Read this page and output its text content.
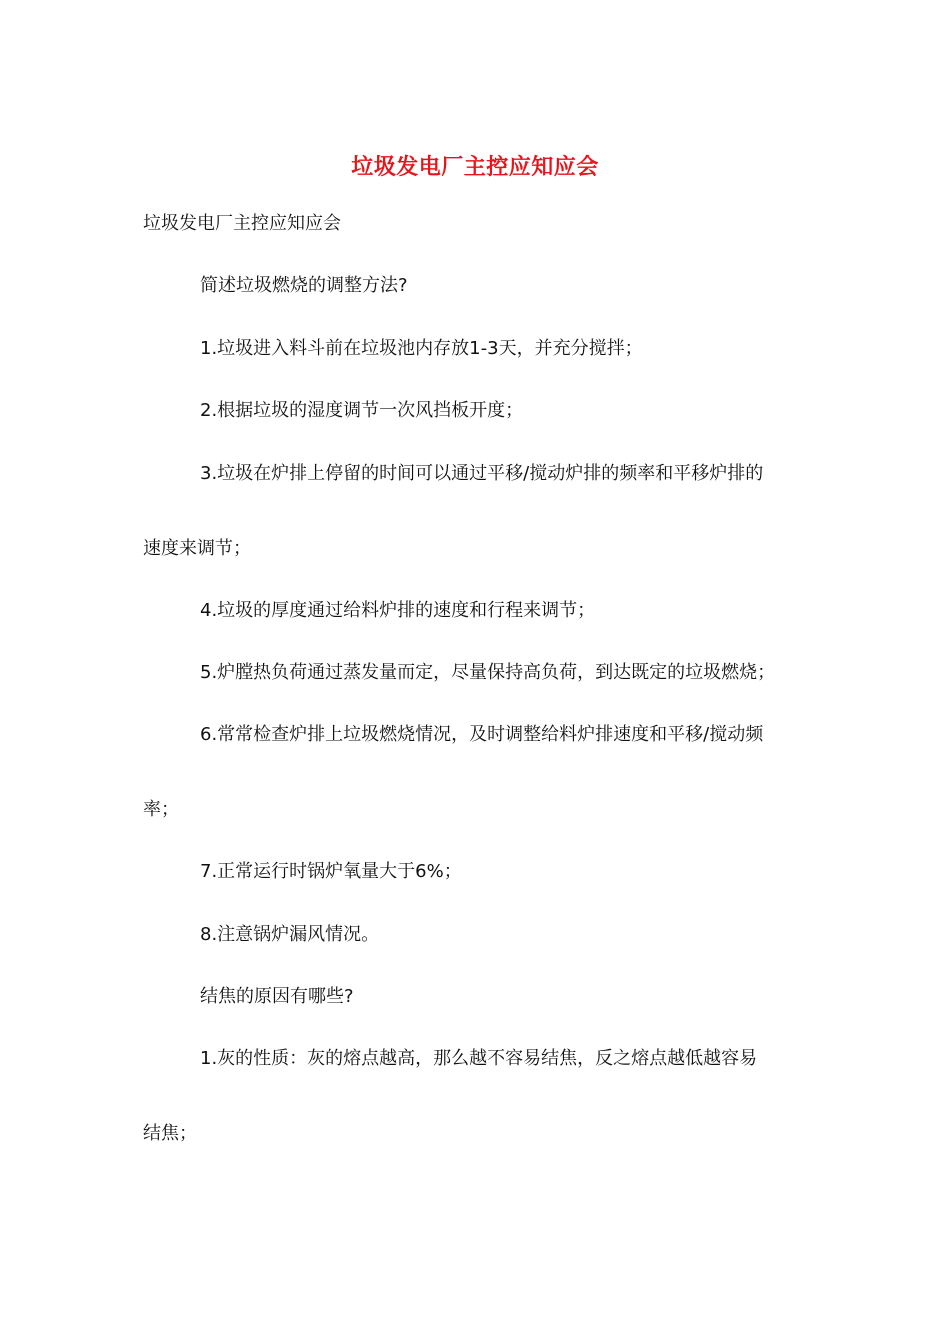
垃圾发电厂主控应知应会
垃圾发电厂主控应知应会
简述垃圾燃烧的调整方法?
1.垃圾进入料斗前在垃圾池内存放1-3天，并充分搅拌；
2.根据垃圾的湿度调节一次风挡板开度；
3.垃圾在炉排上停留的时间可以通过平移/搅动炉排的频率和平移炉排的
速度来调节；
4.垃圾的厚度通过给料炉排的速度和行程来调节；
5.炉膛热负荷通过蒸发量而定，尽量保持高负荷，到达既定的垃圾燃烧；
6.常常检查炉排上垃圾燃烧情况，及时调整给料炉排速度和平移/搅动频
率；
7.正常运行时锅炉氧量大于6%；
8.注意锅炉漏风情况。
结焦的原因有哪些?
1.灰的性质：灰的熔点越高，那么越不容易结焦，反之熔点越低越容易
结焦；
